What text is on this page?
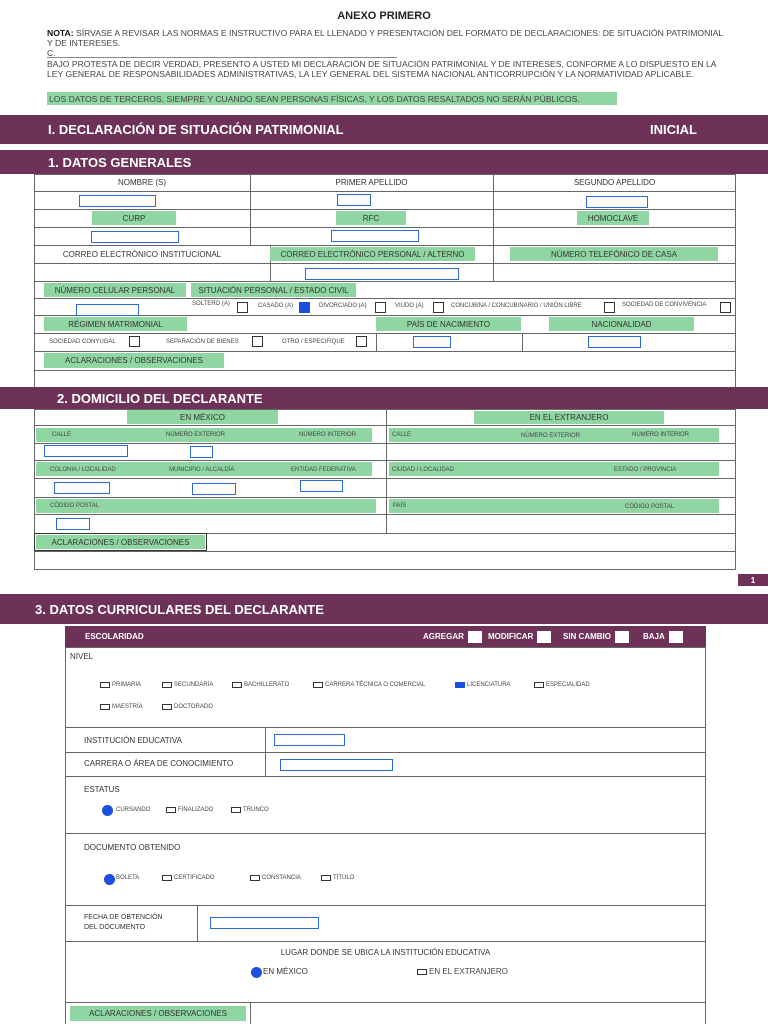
ANEXO PRIMERO
NOTA: SÍRVASE A REVISAR LAS NORMAS E INSTRUCTIVO PARA EL LLENADO Y PRESENTACIÓN DEL FORMATO DE DECLARACIONES: DE SITUACIÓN PATRIMONIAL Y DE INTERESES.
C.
BAJO PROTESTA DE DECIR VERDAD, PRESENTO A USTED MI DECLARACIÓN DE SITUACIÓN PATRIMONIAL Y DE INTERESES, CONFORME A LO DISPUESTO EN LA LEY GENERAL DE RESPONSABILIDADES ADMINISTRATIVAS, LA LEY GENERAL DEL SISTEMA NACIONAL ANTICORRUPCIÓN Y LA NORMATIVIDAD APLICABLE.
LOS DATOS DE TERCEROS, SIEMPRE Y CUANDO SEAN PERSONAS FÍSICAS, Y LOS DATOS RESALTADOS NO SERÁN PÚBLICOS.
I. DECLARACIÓN DE SITUACIÓN PATRIMONIAL	INICIAL
1. DATOS GENERALES
NOMBRE (S)	PRIMER APELLIDO	SEGUNDO APELLIDO
CURP	RFC	HOMOCLAVE
CORREO ELECTRÓNICO INSTITUCIONAL	CORREO ELECTRÓNICO PERSONAL / ALTERNO	NÚMERO TELEFÓNICO DE CASA
NÚMERO CELULAR PERSONAL	SITUACIÓN PERSONAL / ESTADO CIVIL
SOLTERO (A)	CASADO (A)	DIVORCIADO (A)	VIUDO (A)	CONCUBINA / CONCUBINARIO / UNIÓN LIBRE	SOCIEDAD DE CONVIVENCIA
RÉGIMEN MATRIMONIAL	PAÍS DE NACIMIENTO	NACIONALIDAD
SOCIEDAD CONYUGAL	SEPARACIÓN DE BIENES	OTRO / ESPECIFIQUE
ACLARACIONES / OBSERVACIONES
2. DOMICILIO DEL DECLARANTE
EN MÉXICO	EN EL EXTRANJERO
CALLE	NÚMERO EXTERIOR	NÚMERO INTERIOR	CALLE	NÚMERO EXTERIOR	NÚMERO INTERIOR
COLONIA / LOCALIDAD	MUNICIPIO / ALCALDÍA	ENTIDAD FEDERATIVA	CIUDAD / LOCALIDAD	ESTADO / PROVINCIA
CÓDIGO POSTAL	PAÍS	CÓDIGO POSTAL
ACLARACIONES / OBSERVACIONES
1
3. DATOS CURRICULARES DEL DECLARANTE
ESCOLARIDAD	AGREGAR	MODIFICAR	SIN CAMBIO	BAJA
NIVEL
PRIMARIA	SECUNDARIA	BACHILLERATO	CARRERA TÉCNICA O COMERCIAL	LICENCIATURA	ESPECIALIDAD
MAESTRÍA	DOCTORADO
INSTITUCIÓN EDUCATIVA
CARRERA O ÁREA DE CONOCIMIENTO
ESTATUS
CURSANDO	FINALIZADO	TRUNCO
DOCUMENTO OBTENIDO
BOLETA	CERTIFICADO	CONSTANCIA	TÍTULO
FECHA DE OBTENCIÓN
DEL DOCUMENTO
LUGAR DONDE SE UBICA LA INSTITUCIÓN EDUCATIVA
EN MÉXICO	EN EL EXTRANJERO
ACLARACIONES / OBSERVACIONES
